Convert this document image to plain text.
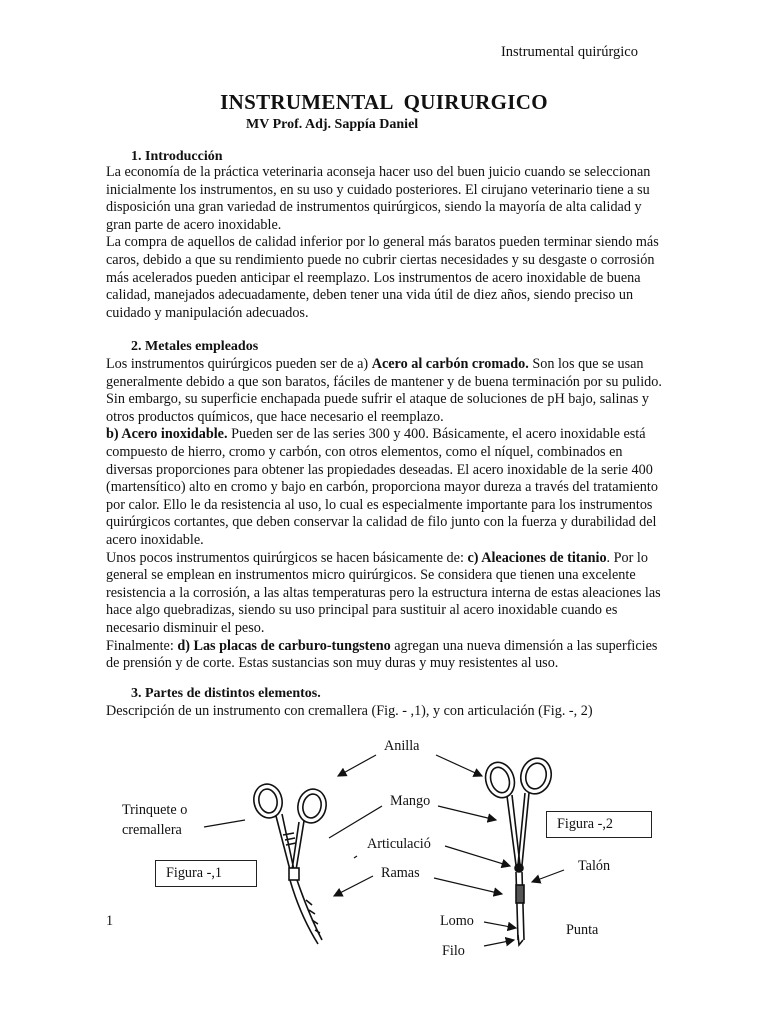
Instrumental quirúrgico
INSTRUMENTAL  QUIRURGICO
MV Prof. Adj. Sappía Daniel
1. Introducción

La economía de la práctica veterinaria aconseja hacer uso del buen juicio cuando se seleccionan inicialmente los instrumentos, en su uso y cuidado posteriores. El cirujano veterinario tiene a su disposición una gran variedad de instrumentos quirúrgicos, siendo la mayoría de alta calidad y gran parte de acero inoxidable.

La compra de aquellos de calidad inferior por lo general más baratos pueden terminar siendo más caros, debido a que su rendimiento puede no cubrir ciertas necesidades y su desgaste o corrosión más acelerados pueden anticipar el reemplazo. Los instrumentos de acero inoxidable de buena calidad, manejados adecuadamente, deben tener una vida útil de diez años, siendo preciso un cuidado y manipulación adecuados.

2. Metales empleados

Los instrumentos quirúrgicos pueden ser de a) Acero al carbón cromado. Son los que se usan generalmente debido a que son baratos, fáciles de mantener y de buena terminación por su pulido. Sin embargo, su superficie enchapada puede sufrir el ataque de soluciones de pH bajo, salinas y otros productos químicos, que hace necesario el reemplazo.

b) Acero inoxidable. Pueden ser de las series 300 y 400. Básicamente, el acero inoxidable está compuesto de hierro, cromo y carbón, con otros elementos, como el níquel, combinados en diversas proporciones para obtener las propiedades deseadas. El acero inoxidable de la serie 400 (martensítico) alto en cromo y bajo en carbón, proporciona mayor dureza a través del tratamiento por calor. Ello le da resistencia al uso, lo cual es especialmente importante para los instrumentos quirúrgicos cortantes, que deben conservar la calidad de filo junto con la fuerza y durabilidad del acero inoxidable.

Unos pocos instrumentos quirúrgicos se hacen básicamente de: c) Aleaciones de titanio. Por lo general se emplean en instrumentos micro quirúrgicos. Se considera que tienen una excelente resistencia a la corrosión, a las altas temperaturas pero la estructura interna de estas aleaciones las hace algo quebradizas, siendo su uso principal para sustituir al acero inoxidable cuando es necesario disminuir el peso.

Finalmente: d) Las placas de carburo-tungsteno agregan una nueva dimensión a las superficies de prensión y de corte. Estas sustancias son muy duras y muy resistentes al uso.

3. Partes de distintos elementos.
Descripción de un instrumento con cremallera (Fig. - ,1), y con articulación (Fig. -, 2)
Anilla
Mango
Trinquete o
cremallera
Articulació
Ramas	Talón
Lomo
Punta
Filo
Figura -,1
Figura -,2
1
